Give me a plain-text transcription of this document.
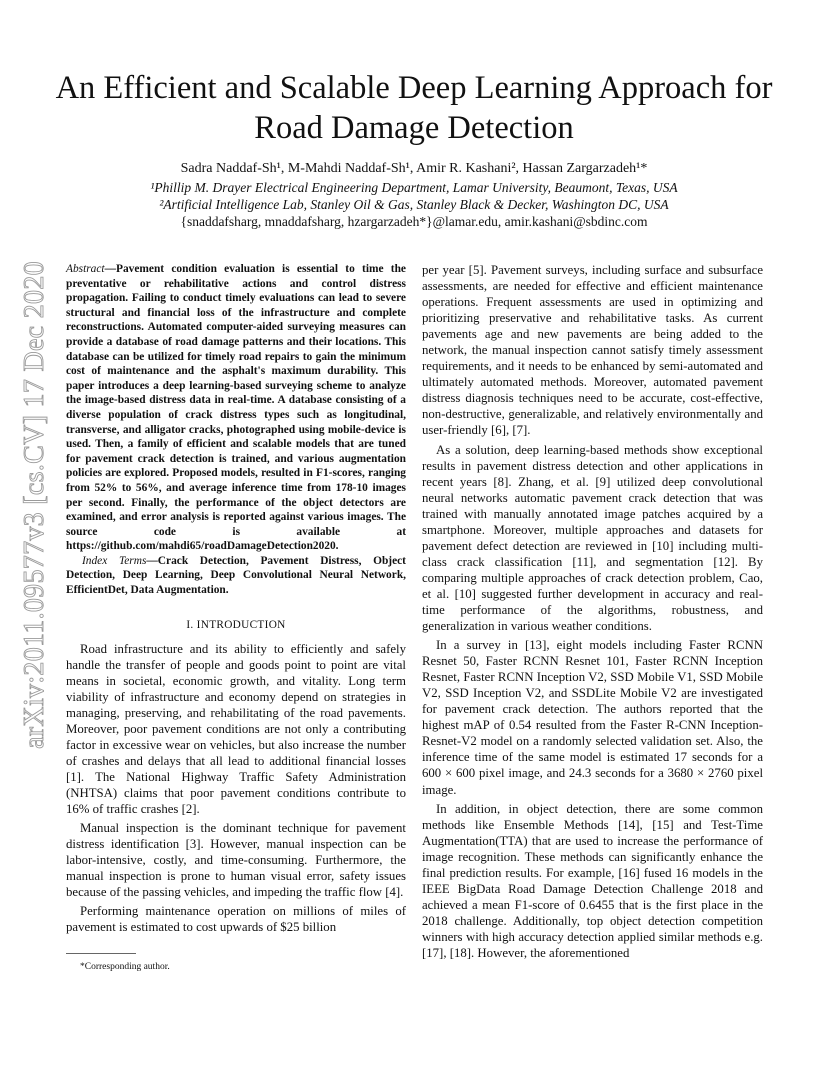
arXiv:2011.09577v3 [cs.CV] 17 Dec 2020
An Efficient and Scalable Deep Learning Approach for Road Damage Detection
Sadra Naddaf-Sh¹, M-Mahdi Naddaf-Sh¹, Amir R. Kashani², Hassan Zargarzadeh¹*
¹Phillip M. Drayer Electrical Engineering Department, Lamar University, Beaumont, Texas, USA
²Artificial Intelligence Lab, Stanley Oil & Gas, Stanley Black & Decker, Washington DC, USA
{snaddafsharg, mnaddafsharg, hzargarzadeh*}@lamar.edu, amir.kashani@sbdinc.com

Abstract—Pavement condition evaluation is essential to time the preventative or rehabilitative actions and control distress propagation. Failing to conduct timely evaluations can lead to severe structural and financial loss of the infrastructure and complete reconstructions. Automated computer-aided surveying measures can provide a database of road damage patterns and their locations. This database can be utilized for timely road repairs to gain the minimum cost of maintenance and the asphalt's maximum durability. This paper introduces a deep learning-based surveying scheme to analyze the image-based distress data in real-time. A database consisting of a diverse population of crack distress types such as longitudinal, transverse, and alligator cracks, photographed using mobile-device is used. Then, a family of efficient and scalable models that are tuned for pavement crack detection is trained, and various augmentation policies are explored. Proposed models, resulted in F1-scores, ranging from 52% to 56%, and average inference time from 178-10 images per second. Finally, the performance of the object detectors are examined, and error analysis is reported against various images. The source code is available at https://github.com/mahdi65/roadDamageDetection2020.

Index Terms—Crack Detection, Pavement Distress, Object Detection, Deep Learning, Deep Convolutional Neural Network, EfficientDet, Data Augmentation.

I. INTRODUCTION

Road infrastructure and its ability to efficiently and safely handle the transfer of people and goods point to point are vital means in societal, economic growth, and vitality. Long term viability of infrastructure and economy depend on strategies in managing, preserving, and rehabilitating of the road pavements. Moreover, poor pavement conditions are not only a contributing factor in excessive wear on vehicles, but also increase the number of crashes and delays that all lead to additional financial losses [1]. The National Highway Traffic Safety Administration (NHTSA) claims that poor pavement conditions contribute to 16% of traffic crashes [2].

Manual inspection is the dominant technique for pavement distress identification [3]. However, manual inspection can be labor-intensive, costly, and time-consuming. Furthermore, the manual inspection is prone to human visual error, safety issues because of the passing vehicles, and impeding the traffic flow [4].

Performing maintenance operation on millions of miles of pavement is estimated to cost upwards of $25 billion

*Corresponding author.

per year [5]. Pavement surveys, including surface and subsurface assessments, are needed for effective and efficient maintenance operations. Frequent assessments are used in optimizing and prioritizing preservative and rehabilitative tasks. As current pavements age and new pavements are being added to the network, the manual inspection cannot satisfy timely assessment requirements, and it needs to be enhanced by semi-automated and ultimately automated methods. Moreover, automated pavement distress diagnosis techniques need to be accurate, cost-effective, non-destructive, generalizable, and relatively environmentally and user-friendly [6], [7].

As a solution, deep learning-based methods show exceptional results in pavement distress detection and other applications in recent years [8]. Zhang, et al. [9] utilized deep convolutional neural networks automatic pavement crack detection that was trained with manually annotated image patches acquired by a smartphone. Moreover, multiple approaches and datasets for pavement defect detection are reviewed in [10] including multi-class crack classification [11], and segmentation [12]. By comparing multiple approaches of crack detection problem, Cao, et al. [10] suggested further development in accuracy and real-time performance of the algorithms, robustness, and generalization in various weather conditions.

In a survey in [13], eight models including Faster RCNN Resnet 50, Faster RCNN Resnet 101, Faster RCNN Inception Resnet, Faster RCNN Inception V2, SSD Mobile V1, SSD Mobile V2, SSD Inception V2, and SSDLite Mobile V2 are investigated for pavement crack detection. The authors reported that the highest mAP of 0.54 resulted from the Faster R-CNN Inception-Resnet-V2 model on a randomly selected validation set. Also, the inference time of the same model is estimated 17 seconds for a 600 × 600 pixel image, and 24.3 seconds for a 3680 × 2760 pixel image.

In addition, in object detection, there are some common methods like Ensemble Methods [14], [15] and Test-Time Augmentation(TTA) that are used to increase the performance of image recognition. These methods can significantly enhance the final prediction results. For example, [16] fused 16 models in the IEEE BigData Road Damage Detection Challenge 2018 and achieved a mean F1-score of 0.6455 that is the first place in the 2018 challenge. Additionally, top object detection competition winners with high accuracy detection applied similar methods e.g. [17], [18]. However, the aforementioned
